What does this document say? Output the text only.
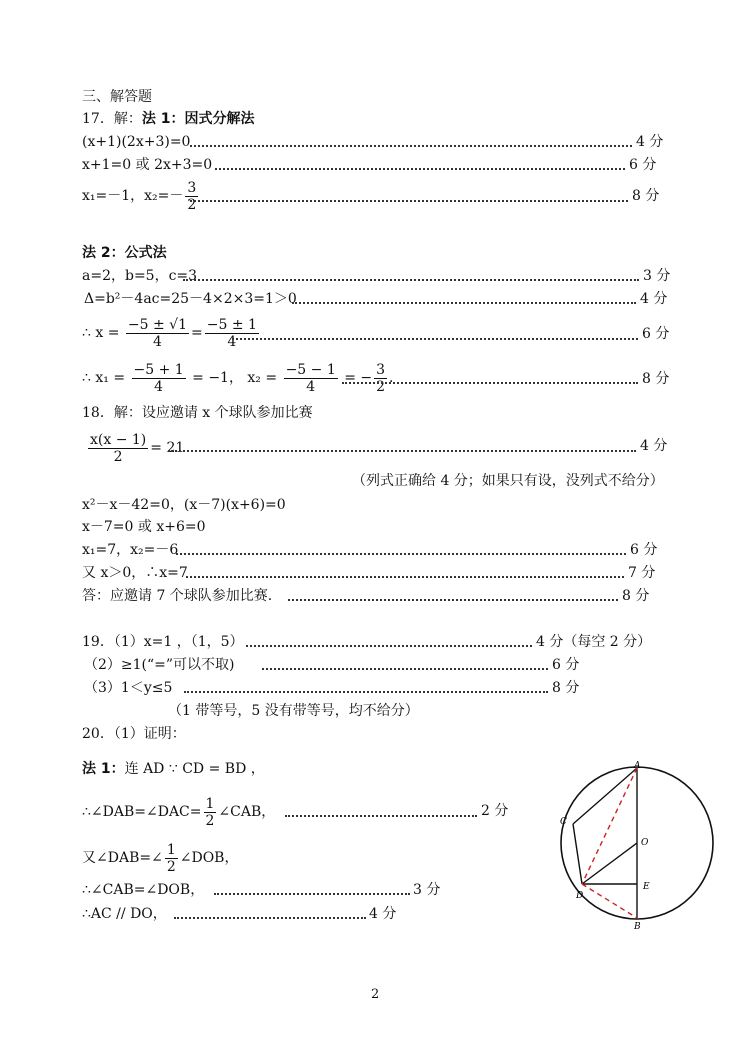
三、解答题
17．解：法 1：因式分解法
(x+1)(2x+3)=0	4 分
x+1=0 或 2x+3=0	6 分
x₁=－1，$x_2=- \frac{3}{2}$	8 分
法 2：公式法
a=2，b=5，c=3	3 分
Δ=b²－4ac=25－4×2×3=1＞0	4 分
∴ $x = \frac{-5 \pm √1}{4} = \frac{-5 \pm 1}{4}$	6 分
∴ $x_1 = \frac{-5 + 1}{4} = -1$， $x_2 = \frac{-5 - 1}{4}$ = − $\frac{3}{2}$ .	8 分
18．解：设应邀请 x 个球队参加比赛
$\frac{x(x - 1)}{2} = 21$	4 分
（列式正确给 4 分；如果只有设，没列式不给分）
x²－x－42=0，(x－7)(x+6)=0
x－7=0 或 x+6=0
x₁=7，x₂=－6	6 分
又 x＞0，∴x=7	7 分
答：应邀请 7 个球队参加比赛.	8 分
19．（1）x=1 ，（1，5）	4 分（每空 2 分）
（2）≥1(“=”可以不取)	6 分
（3）1＜y≤5	8 分
（1 带等号，5 没有带等号，均不给分）
20．（1）证明：
法 1：连 AD ∵ CD = BD ，
∴∠DAB=∠DAC= $\frac{1}{2}$ ∠CAB，	2 分
又∠DAB=∠ $\frac{1}{2}$ ∠DOB，
∴∠CAB=∠DOB，	3 分
∴AC // DO，	4 分
A
C
O
D
E
B
2
